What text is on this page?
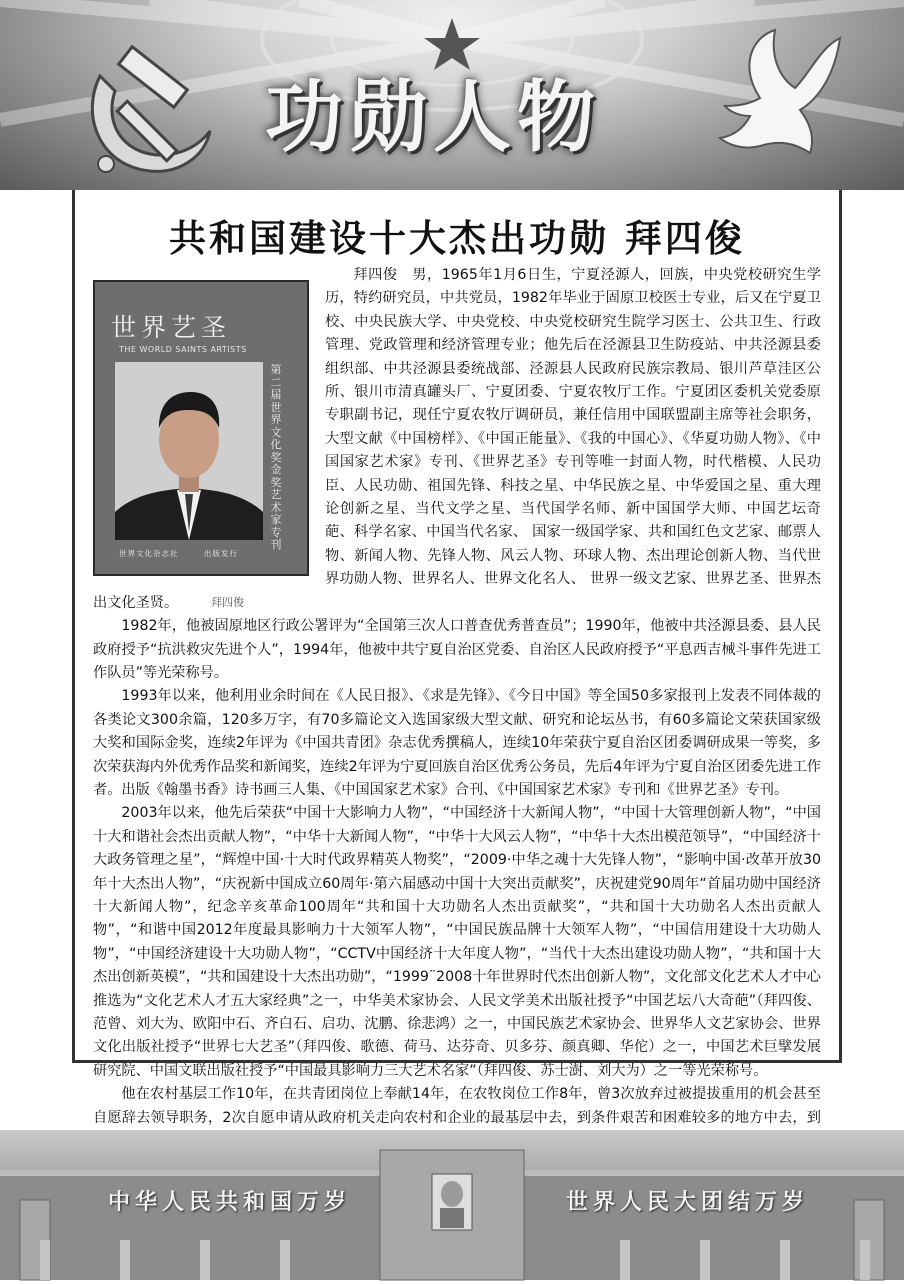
功勋人物
共和国建设十大杰出功勋 拜四俊
世界艺圣
THE WORLD SAINTS ARTISTS
拜四俊
第二届世界文化奖金奖艺术家专刊
世界文化杂志社	出版发行

拜四俊　男，1965年1月6日生，宁夏泾源人，回族，中央党校研究生学历，特约研究员，中共党员，1982年毕业于固原卫校医士专业，后又在宁夏卫校、中央民族大学、中央党校、中央党校研究生院学习医士、公共卫生、行政管理、党政管理和经济管理专业；他先后在泾源县卫生防疫站、中共泾源县委组织部、中共泾源县委统战部、泾源县人民政府民族宗教局、银川芦草洼区公所、银川市清真罐头厂、宁夏团委、宁夏农牧厅工作。宁夏团区委机关党委原专职副书记，现任宁夏农牧厅调研员，兼任信用中国联盟副主席等社会职务，大型文献《中国榜样》、《中国正能量》、《我的中国心》、《华夏功勋人物》、《中国国家艺术家》专刊、《世界艺圣》专刊等唯一封面人物，时代楷模、人民功臣、人民功勋、祖国先锋、科技之星、中华民族之星、中华爱国之星、重大理论创新之星、当代文学之星、当代国学名师、新中国国学大师、中国艺坛奇葩、科学名家、中国当代名家、 国家一级国学家、共和国红色文艺家、邮票人物、新闻人物、先锋人物、风云人物、环球人物、杰出理论创新人物、当代世界功勋人物、世界名人、世界文化名人、 世界一级文艺家、世界艺圣、世界杰出文化圣贤。

1982年，他被固原地区行政公署评为“全国第三次人口普查优秀普查员”；1990年，他被中共泾源县委、县人民政府授予“抗洪救灾先进个人”，1994年，他被中共宁夏自治区党委、自治区人民政府授予“平息西吉械斗事件先进工作队员”等光荣称号。

1993年以来，他利用业余时间在《人民日报》、《求是先锋》、《今日中国》等全国50多家报刊上发表不同体裁的各类论文300余篇，120多万字，有70多篇论文入选国家级大型文献、研究和论坛丛书，有60多篇论文荣获国家级大奖和国际金奖，连续2年评为《中国共青团》杂志优秀撰稿人，连续10年荣获宁夏自治区团委调研成果一等奖，多次荣获海内外优秀作品奖和新闻奖，连续2年评为宁夏回族自治区优秀公务员，先后4年评为宁夏自治区团委先进工作者。出版《翰墨书香》诗书画三人集、《中国国家艺术家》合刊、《中国国家艺术家》专刊和《世界艺圣》专刊。

2003年以来，他先后荣获“中国十大影响力人物”，“中国经济十大新闻人物”，“中国十大管理创新人物”，“中国十大和谐社会杰出贡献人物”，“中华十大新闻人物”，“中华十大风云人物”，“中华十大杰出模范领导”，“中国经济十大政务管理之星”，“辉煌中国·十大时代政界精英人物奖”，“2009·中华之魂十大先锋人物”，“影响中国·改革开放30年十大杰出人物”，“庆祝新中国成立60周年·第六届感动中国十大突出贡献奖”，庆祝建党90周年“首届功勋中国经济十大新闻人物”，纪念辛亥革命100周年“共和国十大功勋名人杰出贡献奖”，“共和国十大功勋名人杰出贡献人物”，“和谐中国2012年度最具影响力十大领军人物”，“中国民族品牌十大领军人物”，“中国信用建设十大功勋人物”，“中国经济建设十大功勋人物”，“CCTV中国经济十大年度人物”，“当代十大杰出建设功勋人物”，“共和国十大杰出创新英模”，“共和国建设十大杰出功勋”，“1999¨2008十年世界时代杰出创新人物”，文化部文化艺术人才中心推选为“文化艺术人才五大家经典”之一，中华美术家协会、人民文学美术出版社授予“中国艺坛八大奇葩”（拜四俊、范曾、刘大为、欧阳中石、齐白石、启功、沈鹏、徐悲鸿）之一，中国民族艺术家协会、世界华人文艺家协会、世界文化出版社授予“世界七大艺圣”（拜四俊、歌德、荷马、达芬奇、贝多芬、颜真卿、华佗）之一，中国艺术巨擘发展研究院、中国文联出版社授予“中国最具影响力三大艺术名家”（拜四俊、苏士澍、刘大为）之一等光荣称号。

他在农村基层工作10年，在共青团岗位上奉献14年，在农牧岗位工作8年，曾3次放弃过被提拔重用的机会甚至自愿辞去领导职务，2次自愿申请从政府机关走向农村和企业的最基层中去，到条件艰苦和困难较多的地方中去，到

中华人民共和国万岁	世界人民大团结万岁
